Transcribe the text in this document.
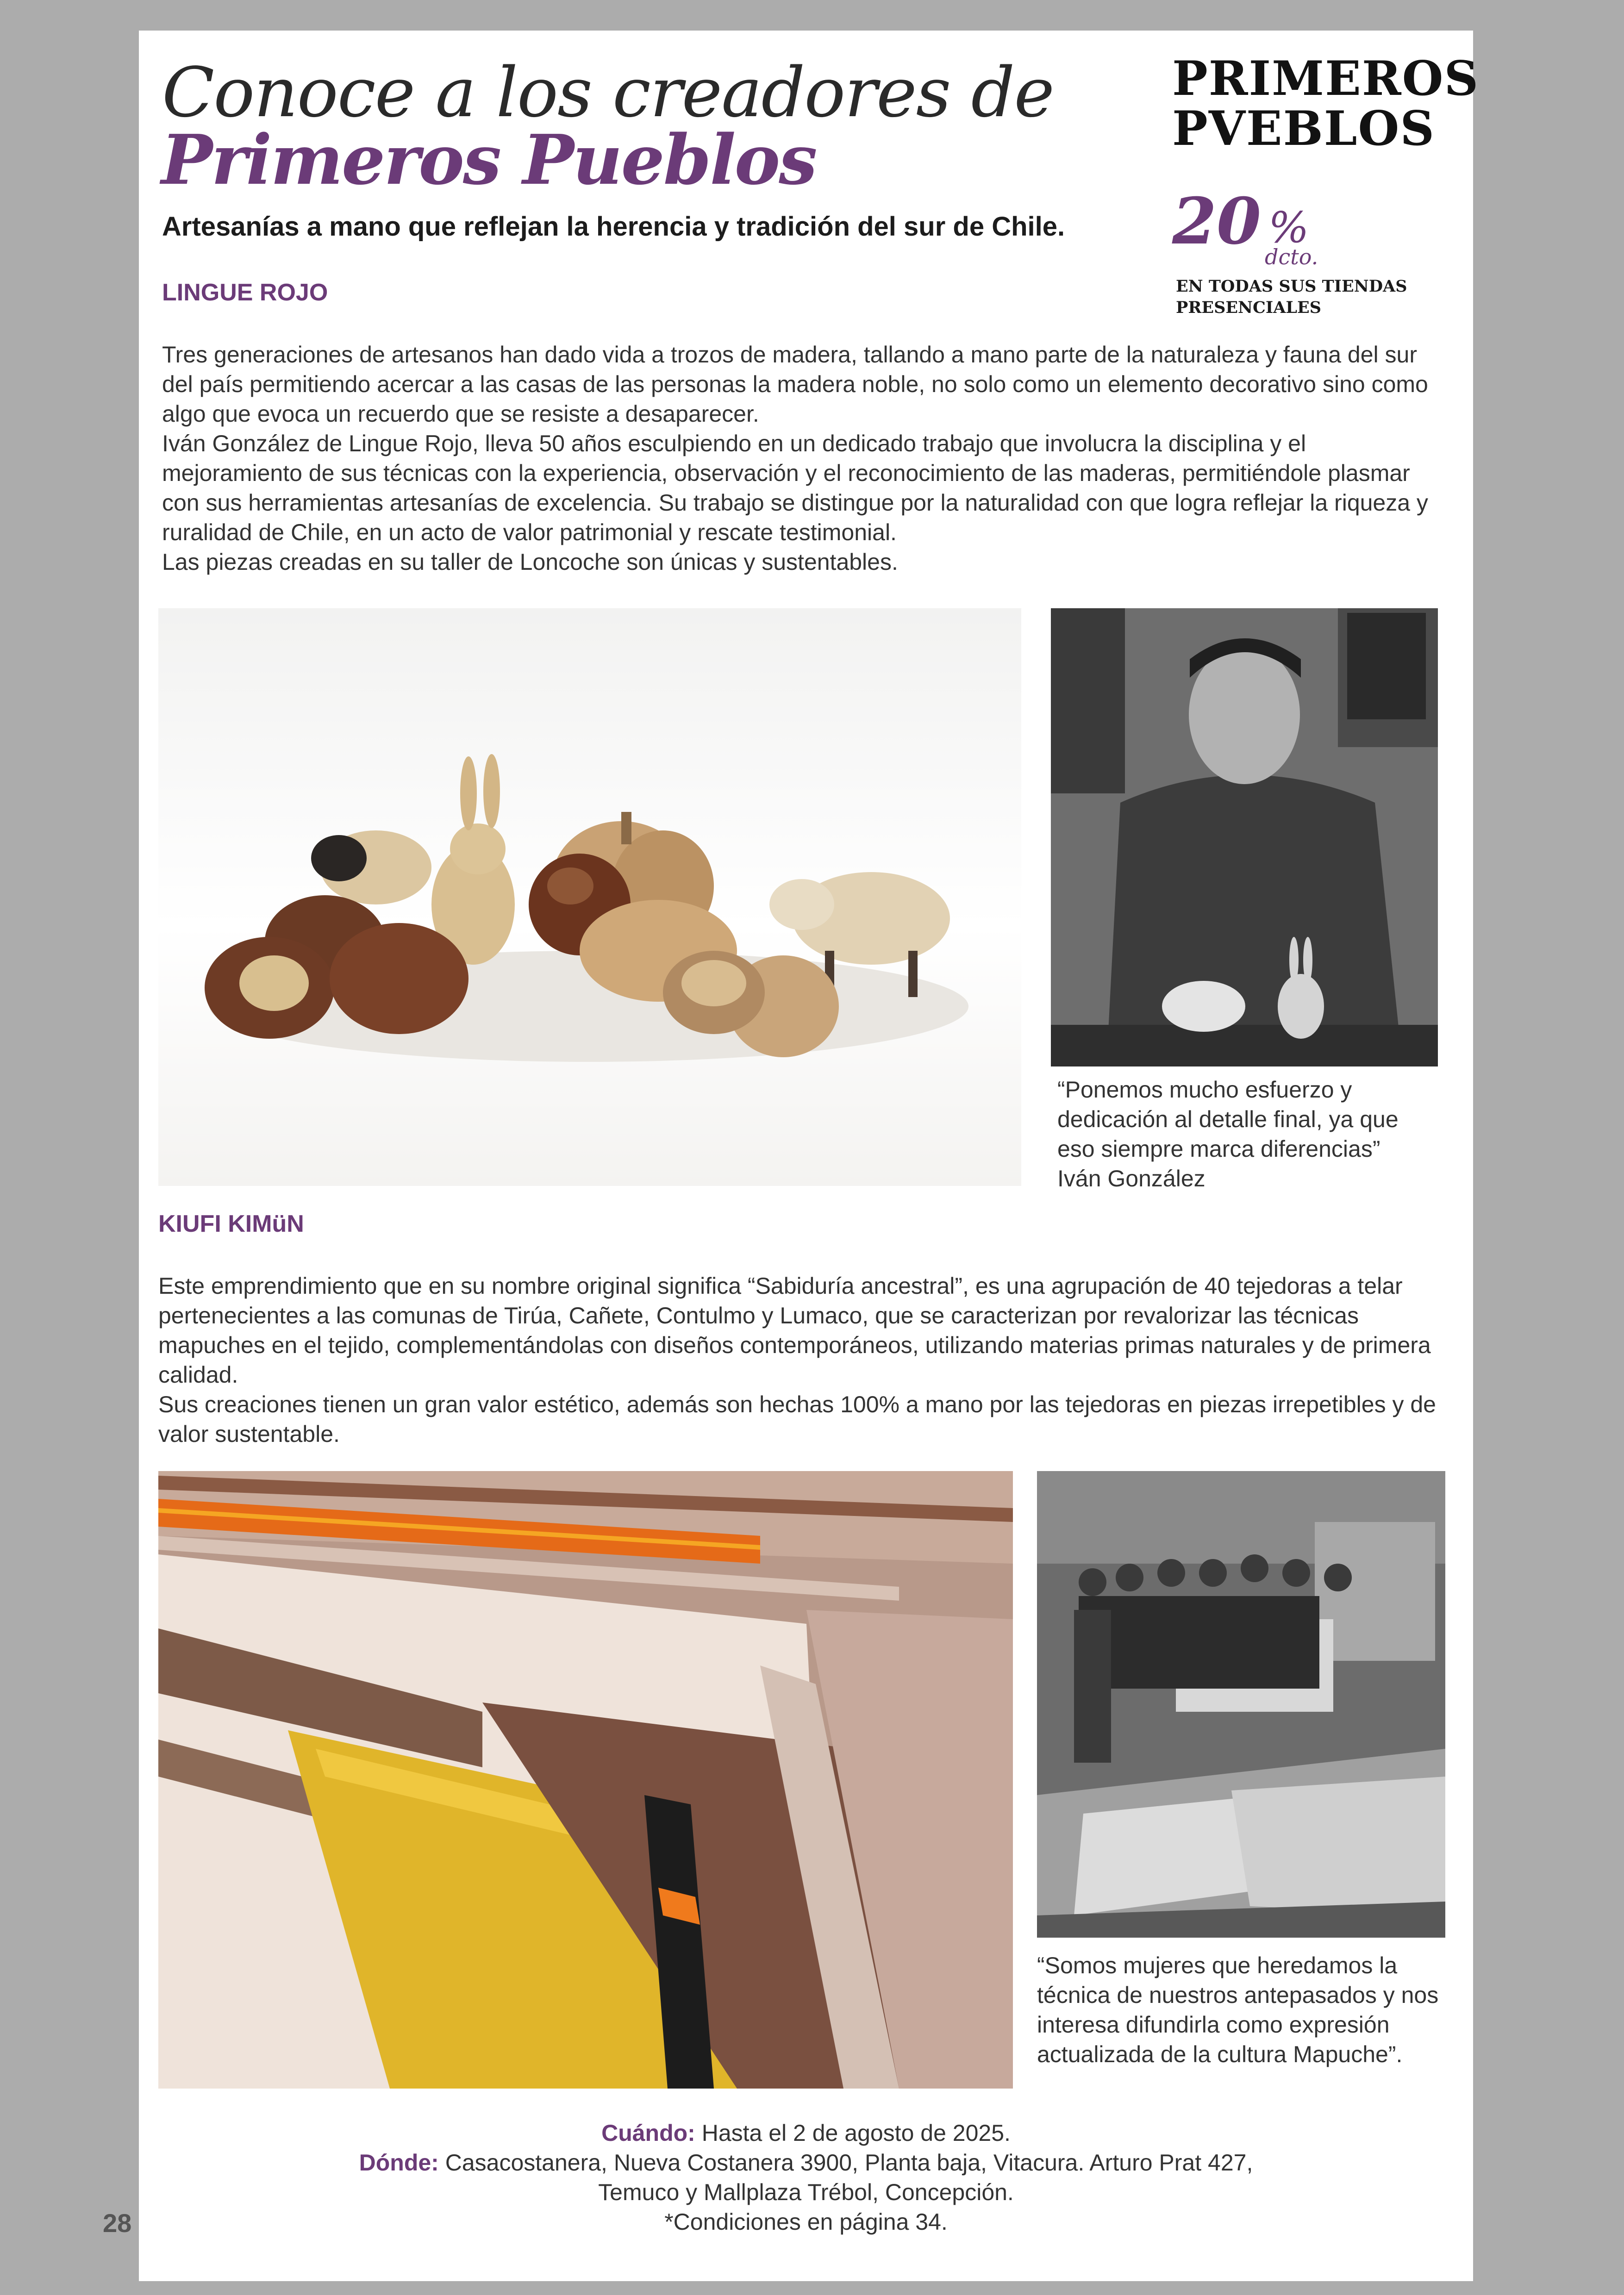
Conoce a los creadores de
Primeros Pueblos
Artesanías a mano que reflejan la herencia y tradición del sur de Chile.
PRIMEROS
PVEBLOS
20 %
dcto.
EN TODAS SUS TIENDAS PRESENCIALES
LINGUE ROJO

Tres generaciones de artesanos han dado vida a trozos de madera, tallando a mano parte de la naturaleza y fauna del sur del país permitiendo acercar a las casas de las personas la madera noble, no solo como un elemento decorativo sino como algo que evoca un recuerdo que se resiste a desaparecer.

Iván González de Lingue Rojo, lleva 50 años esculpiendo en un dedicado trabajo que involucra la disciplina y el mejoramiento de sus técnicas con la experiencia, observación y el reconocimiento de las maderas, permitiéndole plasmar con sus herramientas artesanías de excelencia. Su trabajo se distingue por la naturalidad con que logra reflejar la riqueza y ruralidad de Chile, en un acto de valor patrimonial y rescate testimonial.

Las piezas creadas en su taller de Loncoche son únicas y sustentables.

“Ponemos mucho esfuerzo y dedicación al detalle final, ya que eso siempre marca diferencias”
Iván González
KIUFI KIMüN

Este emprendimiento que en su nombre original significa “Sabiduría ancestral”, es una agrupación de 40 tejedoras a telar pertenecientes a las comunas de Tirúa, Cañete, Contulmo y Lumaco, que se caracterizan por revalorizar las técnicas mapuches en el tejido, complementándolas con diseños contemporáneos, utilizando materias primas naturales y de primera calidad.

Sus creaciones tienen un gran valor estético, además son hechas 100% a mano por las tejedoras en piezas irrepetibles y de valor sustentable.

“Somos mujeres que heredamos la técnica de nuestros antepasados y nos interesa difundirla como expresión actualizada de la cultura Mapuche”.
Cuándo: Hasta el 2 de agosto de 2025.
Dónde: Casacostanera, Nueva Costanera 3900, Planta baja, Vitacura. Arturo Prat 427,
Temuco y Mallplaza Trébol, Concepción.
*Condiciones en página 34.
28
